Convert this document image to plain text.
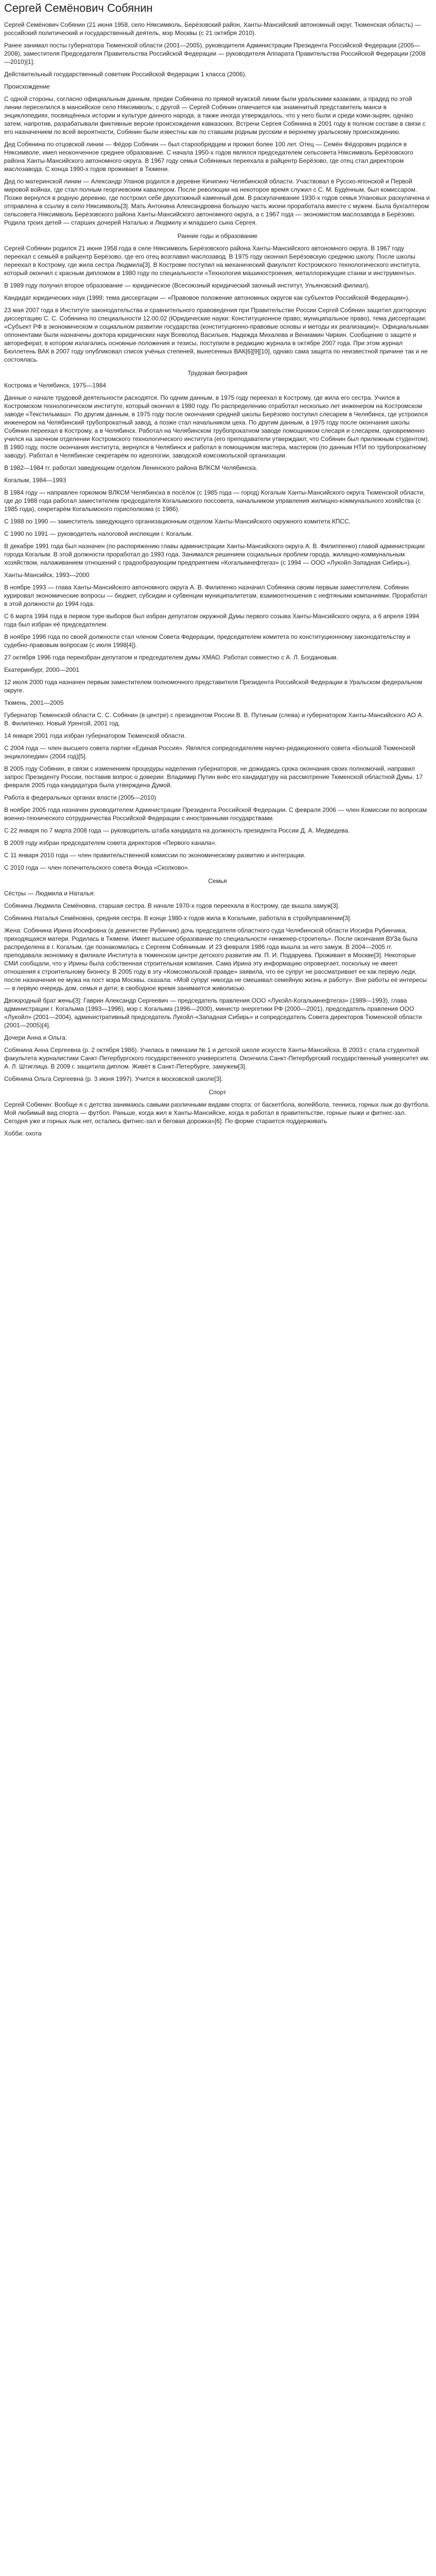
Сергей Семёнович Собянин
Сергей Семёнович Собянин (21 июня 1958, село Няксимволь, Берёзовский район, Ханты-Мансийский автономный округ, Тюменская область) — российский политический и государственный деятель, мэр Москвы (с 21 октября 2010).
Ранее занимал посты губернатора Тюменской области (2001—2005), руководителя Администрации Президента Российской Федерации (2005—2008), заместителя Председателя Правительства Российской Федерации — руководителя Аппарата Правительства Российской Федерации (2008—2010)[1].
Действительный государственный советник Российской Федерации 1 класса (2006).
Происхождение
С одной стороны, согласно официальным данным, предки Собянина по прямой мужской линии были уральскими казаками, а прадед по этой линии переселился в мансийское село Няксимволь; с другой — Сергей Собянин отмечается как знаменитый представитель манси в энциклопедиях, посвящённых истории и культуре данного народа, а также иногда утверждалось, что у него были и среди коми-зырян, однако затем, напротив, разрабатывали фиктивные версии происхождения кавказских. Встречи Сергея Собянина в 2001 году в полном составе в связи с его назначением по всей вероятности, Собянин были известны как по ставшим родным русским и верхнему уральскому происхождению.
Дед Собянина по отцовской линии — Фёдор Собянин — был старообрядцем и прожил более 100 лет. Отец — Семён Фёдорович родился в Няксимволе, имел неоконченное среднее образование. С начала 1950-х годов являлся председателем сельсовета Няксимволь Берёзовского района Ханты-Мансийского автономного округа. В 1967 году семья Собяниных переехала в райцентр Берёзово, где отец стал директором маслозавода. С конца 1990-х годов проживает в Тюмени.
Дед по материнской линии — Александр Уланов родился в деревне Кичигино Челябинской области. Участвовал в Русско-японской и Первой мировой войнах, где стал полным георгиевским кавалером. После революции на некоторое время служил с С. М. Будённым, был комиссаром. Позже вернулся в родную деревню, где построил себе двухэтажный каменный дом. В раскулачивание 1930-х годов семья Улановых раскулачена и отправлена в ссылку в село Няксимволь[3]. Мать Антонина Александровна большую часть жизни проработала вместе с мужем. Была бухгалтером сельсовета Няксимволь Берёзовского района Ханты-Мансийского автономного округа, а с 1967 года — экономистом маслозавода в Берёзово. Родила троих детей — старших дочерей Наталью и Людмилу и младшего сына Сергея.
Ранние годы и образование
Сергей Собянин родился 21 июня 1958 года в селе Няксимволь Берёзовского района Ханты-Мансийского автономного округа. В 1967 году переехал с семьёй в райцентр Берёзово, где его отец возглавил маслозавод. В 1975 году окончил Берёзовскую среднюю школу. После школы переехал в Кострому, где жила сестра Людмила[3]. В Костроме поступил на механический факультет Костромского технологического института, который окончил с красным дипломом в 1980 году по специальности «Технология машиностроения, металлорежущие станки и инструменты».
В 1989 году получил второе образование — юридическое (Всесоюзный юридический заочный институт, Ульяновский филиал).
Кандидат юридических наук (1999; тема диссертации — «Правовое положение автономных округов как субъектов Российской Федерации»).
23 мая 2007 года в Институте законодательства и сравнительного правоведения при Правительстве России Сергей Собянин защитил докторскую диссертацию С. С. Собянина по специальности 12.00.02 (Юридические науки: Конституционное право; муниципальное право), тема диссертации: «Субъект РФ в экономическом и социальном развитии государства (конституционно-правовые основы и методы их реализации)». Официальными оппонентами были назначены доктора юридических наук Всеволод Васильев, Надежда Михалева и Вениамин Чиркин. Сообщение о защите и автореферат, в котором излагались основные положения и тезисы, поступили в редакцию журнала в октябре 2007 года. При этом журнал Бюллетень ВАК в 2007 году опубликовал список учёных степеней, вынесенных ВАК[6][9][10], однако сама защита по неизвестной причине так и не состоялась.
Трудовая биография
Кострома и Челябинск, 1975—1984
Данные о начале трудовой деятельности расходятся. По одним данным, в 1975 году переехал в Кострому, где жила его сестра. Учился в Костромском технологическом институте, который окончил в 1980 году. По распределению отработал несколько лет инженером на Костромском заводе «Текстильмаш». По другим данным, в 1975 году после окончания средней школы Берёзово поступил слесарем в Челябинск, где устроился инженером на Челябинский трубопрокатный завод, а позже стал начальником цеха. По другим данным, в 1975 году после окончания школы Собянин переехал в Кострому, а в Челябинск. Работал на Челябинском трубопрокатном заводе помощником слесаря и слесарем, одновременно учился на заочном отделении Костромского технологического института (его преподаватели утверждают, что Собянин был прилежным студентом). В 1980 году, после окончания института, вернулся в Челябинск и работал в помощником мастера, мастером (по данным НТИ по трубопрокатному заводу). Работал в Челябинске секретарём по идеологии, заводской комсомольской организации.
В 1982—1984 гг. работал заведующим отделом Ленинского района ВЛКСМ Челябинска.
Когалым, 1984—1993
В 1984 году — направлен горкомом ВЛКСМ Челябинска в посёлок (с 1985 года — город) Когалым Ханты-Мансийского округа Тюменской области, где до 1988 года работал заместителем председателя Когалымского поссовета, начальником управления жилищно-коммунального хозяйства (с 1985 года), секретарём Когалымского горисполкома (с 1986).
С 1988 по 1990 — заместитель заведующего организационным отделом Ханты-Мансийского окружного комитета КПСС.
С 1990 по 1991 — руководитель налоговой инспекции г. Когалым.
В декабре 1991 года был назначен (по распоряжению главы администрации Ханты-Мансийского округа А. В. Филиппенко) главой администрации города Когалым. В этой должности проработал до 1993 года. Занимался решением социальных проблем города, жилищно-коммунальным хозяйством, налаживанием отношений с градообразующим предприятием «Когалымнефтегаз» (с 1994 — ООО «Лукойл-Западная Сибирь»).
Ханты-Мансийск, 1993—2000
В ноябре 1993 — глава Ханты-Мансийского автономного округа А. В. Филипенко назначил Собянина своим первым заместителем. Собянин курировал экономические вопросы — бюджет, субсидии и субвенции муниципалитетам, взаимоотношения с нефтяными компаниями. Проработал в этой должности до 1994 года.
С 6 марта 1994 года в первом туре выборов был избран депутатом окружной Думы первого созыва Ханты-Мансийского округа, а 6 апреля 1994 года был избран её председателем.
В ноябре 1996 года по своей должности стал членом Совета Федерации, председателем комитета по конституционному законодательству и судебно-правовым вопросам (с июля 1998[4]).
27 октября 1996 года переизбран депутатом и председателем думы ХМАО. Работал совместно с А. Л. Богдановым.
Екатеринбург, 2000—2001
12 июля 2000 года назначен первым заместителем полномочного представителя Президента Российской Федерации в Уральском федеральном округе.
Тюмень, 2001—2005
Губернатор Тюменской области С. С. Собянин (в центре) с президентом России В. В. Путиным (слева) и губернатором Ханты-Мансийского АО А. В. Филипенко. Новый Уренгой, 2001 год.
14 января 2001 года избран губернатором Тюменской области.
С 2004 года — член высшего совета партии «Единая Россия». Являлся сопредседателем научно-редакционного совета «Большой Тюменской энциклопедии» (2004 год)[5].
В 2005 году Собянин, в связи с изменением процедуры наделения губернаторов, не дожидаясь срока окончания своих полномочий, направил запрос Президенту России, поставив вопрос о доверии. Владимир Путин внёс его кандидатуру на рассмотрение Тюменской областной Думы. 17 февраля 2005 года кандидатура была утверждена Думой.
Работа в федеральных органах власти (2005—2010)
В ноябре 2005 года назначен руководителем Администрации Президента Российской Федерации. С февраля 2006 — член Комиссии по вопросам военно-технического сотрудничества Российской Федерации с иностранными государствами.
С 22 января по 7 марта 2008 года — руководитель штаба кандидата на должность президента России Д. А. Медведева.
В 2009 году избран председателем совета директоров «Первого канала».
С 11 января 2010 года — член правительственной комиссии по экономическому развитию и интеграции.
С 2010 года — член попечительского совета Фонда «Сколково».
Семья
Сёстры — Людмила и Наталья:
Собянина Людмила Семёновна, старшая сестра. В начале 1970-х годов переехала в Кострому, где вышла замуж[3].
Собянина Наталья Семёновна, средняя сестра. В конце 1980-х годов жила в Когалыме, работала в стройуправлении[3].
Жена: Собянина Ирина Иосифовна (в девичестве Рубинчик) дочь председателя областного суда Челябинской области Иосифа Рубинчика, приходящаяся матери. Родилась в Тюмени. Имеет высшее образование по специальности «инженер-строитель». После окончания ВУЗа была распределена в г. Когалым, где познакомилась с Сергеем Собяниным. И 23 февраля 1986 года вышла за него замуж. В 2004—2005 гг. преподавала экономику в филиале Института в тюменском центре детского развития им. П. И. Подаруева. Проживает в Москве[3]. Некоторые СМИ сообщали, что у Ирины была собственная строительная компания. Сама Ирина эту информацию опровергает, поскольку не имеет отношения к строительному бизнесу. В 2005 году в эту «Комсомольской правде» заявила, что ее супруг не рассматривает ее как первую леди, после назначения ее мужа на пост мэра Москвы, сказала: «Мой супруг никогда не смешивал семейную жизнь и работу». Вне работы её интересы — в первую очередь дом, семья и дети; в свободное время занимается живописью.
Двоюродный брат жены[3]: Гаврин Александр Сергеевич — председатель правления ООО «Лукойл-Когалымнефтегаз» (1989—1993), глава администрации г. Когалыма (1993—1996), мэр г. Когалыма (1996—2000), министр энергетики РФ (2000—2001), председатель правления ООО «Лукойл» (2001—2004), административный председатель Лукойл-«Западная Сибирь» и сопредседатель Совета директоров Тюменской области (2001—2005)[4].
Дочери Анна и Ольга:
Собянина Анна Сергеевна (р. 2 октября 1986). Училась в гимназии № 1 и детской школе искусств Ханты-Мансийска. В 2003 г. стала студенткой факультета журналистики Санкт-Петербургского государственного университета. Окончила Санкт-Петербургский государственный университет им. А. Л. Штиглица. В 2009 г. защитила диплом. Живёт в Санкт-Петербурге, замужем[3].
Собянина Ольга Сергеевна (р. 3 июня 1997). Учится в московской школе[3].
Спорт
Сергей Собянин: Вообще я с детства занимаюсь самыми различными видами спорта: от баскетбола, волейбола, тенниса, горных лыж до футбола. Мой любимый вид спорта — футбол. Раньше, когда жил в Ханты-Мансийске, когда я работал в правительстве, горные лыжи и фитнес-зал. Сегодня уже и горных лыж нет, остались фитнес-зал и беговая дорожка»[6]. По форме старается поддерживать
Хобби: охота
